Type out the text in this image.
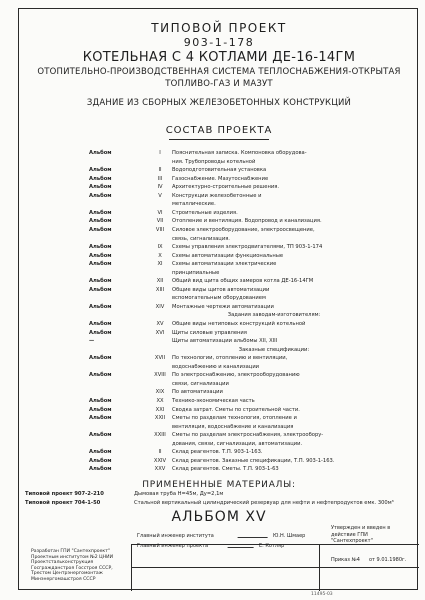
ТИПОВОЙ ПРОЕКТ
903-1-178
КОТЕЛЬНАЯ С 4 КОТЛАМИ ДЕ-16-14ГМ
ОТОПИТЕЛЬНО-ПРОИЗВОДСТВЕННАЯ СИСТЕМА ТЕПЛОСНАБЖЕНИЯ-ОТКРЫТАЯ
ТОПЛИВО-ГАЗ И МАЗУТ
ЗДАНИЕ ИЗ СБОРНЫХ ЖЕЛЕЗОБЕТОННЫХ КОНСТРУКЦИЙ
СОСТАВ ПРОЕКТА
Альбом	I	Пояснительная записка. Компоновка оборудова-
ния. Трубопроводы котельной
Альбом	II	Водоподготовительная установка
Альбом	III	Газоснабжение. Мазутоснабжение
Альбом	IV	Архитектурно-строительные решения.
Альбом	V	Конструкции железобетонные и
металлические.
Альбом	VI	Строительные изделия.
Альбом	VII	Отопление и вентиляция. Водопровод и канализация.
Альбом	VIII	Силовое электрооборудование, электроосвещение,
связь, сигнализация.
Альбом	IX	Схемы управления электродвигателями, ТП 903-1-174
Альбом	X	Схемы автоматизации функциональные
Альбом	XI	Схемы автоматизации электрические
принципиальные
Альбом	XII	Общий вид щита общих замеров котла ДЕ-16-14ГМ
Альбом	XIII	Общие виды щитов автоматизации
вспомогательным оборудованием
Альбом	XIV	Монтажные чертежи автоматизации
Задания заводам-изготовителям:
Альбом	XV	Общие виды нетиповых конструкций котельной
Альбом	XVI	Щиты силовые управления
—	Щиты автоматизации альбомы XII, XIII
Заказные спецификации:
Альбом	XVII	По технологии, отоплению и вентиляции,
водоснабжению и канализации
Альбом	XVIII	По электроснабжению, электрооборудованию
связи, сигнализации
XIX	По автоматизации
Альбом	XX	Технико-экономическая часть
Альбом	XXI	Сводка затрат. Сметы по строительной части.
Альбом	XXII	Сметы по разделам технология, отопление и
вентиляция, водоснабжение и канализация
Альбом	XXIII	Сметы по разделам электроснабжения, электрообору-
дования, связи, сигнализации, автоматизации.
Альбом	II	Склад реагентов. Т.П. 903-1-163.
Альбом	XXIV	Склад реагентов. Заказные спецификации, Т.П. 903-1-163.
Альбом	XXV	Склад реагентов. Сметы. Т.П. 903-1-63
ПРИМЕНЕННЫЕ МАТЕРИАЛЫ:
Типовой проект 907-2-210	Дымовая труба Н=45м, Ду=2,1м
Типовой проект 704-1-50	Стальной вертикальный цилиндрический резервуар для нефти и нефтепродуктов емк. 300м³
АЛЬБОМ XV
Утвержден и введен в действие ГПИ "Сантехпроект"
Главный инженер института	Ю.Н. Шмаер
Главный инженер проекта	Е. Котляр
Разработан ГПИ "Сантехпроект" Проектным институтом №2 ЦНИИ Проектстальконструкция Госгражданстроя Госстроя СССР, Трестом Центрэнергомонтаж Минэнергомашстроя СССР
Приказ №4 от 9.01.1980г.
11495-03
